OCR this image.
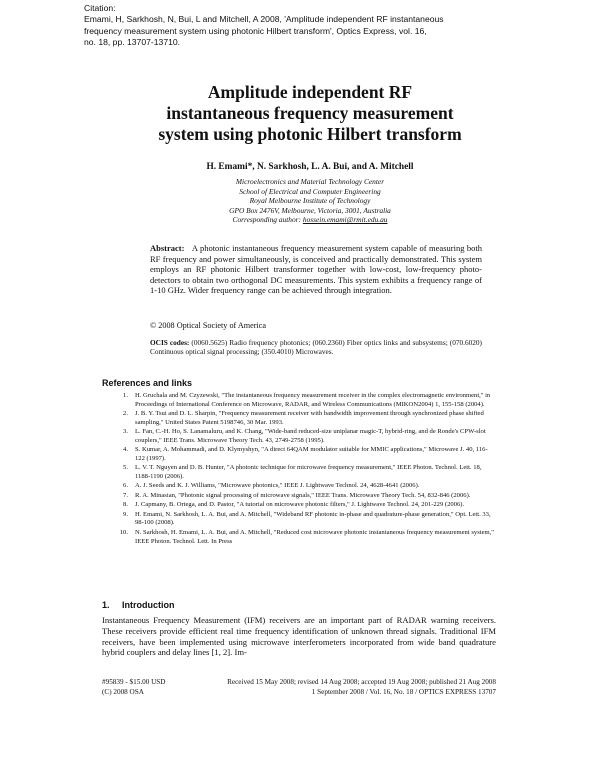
Citation:
Emami, H, Sarkhosh, N, Bui, L and Mitchell, A 2008, 'Amplitude independent RF instantaneous
frequency measurement system using photonic Hilbert transform', Optics Express, vol. 16,
no. 18, pp. 13707-13710.
Amplitude independent RF
instantaneous frequency measurement
system using photonic Hilbert transform
H. Emami*, N. Sarkhosh, L. A. Bui, and A. Mitchell
Microelectronics and Material Technology Center
School of Electrical and Computer Engineering
Royal Melbourne Institute of Technology
GPO Box 2476V, Melbourne, Victoria, 3001, Australia
Corresponding author: hossein.emami@rmit.edu.au
Abstract: A photonic instantaneous frequency measurement system capable of measuring both RF frequency and power simultaneously, is conceived and practically demonstrated. This system employs an RF photonic Hilbert transformer together with low-cost, low-frequency photo-detectors to obtain two orthogonal DC measurements. This system exhibits a frequency range of 1-10 GHz. Wider frequency range can be achieved through integration.
© 2008 Optical Society of America
OCIS codes: (0060.5625) Radio frequency photonics; (060.2360) Fiber optics links and subsystems; (070.6020) Continuous optical signal processing; (350.4010) Microwaves.
References and links
1. H. Gruchala and M. Czyzewski, "The instantaneous frequency measurement receiver in the complex electromagnetic environment," in Proceedings of International Conference on Microwave, RADAR, and Wireless Communications (MIKON2004) 1, 155-158 (2004).
2. J. B. Y. Tsui and D. L. Sharpin, "Frequency measurement receiver with bandwidth improvement through synchronized phase shifted sampling," United States Patent 5198746, 30 Mar. 1993.
3. L. Fan, C.-H. Ho, S. Lanamaluru, and K. Chang, "Wide-band reduced-size uniplanar magic-T, hybrid-ring, and de Ronde's CPW-slot couplers," IEEE Trans. Microwave Theory Tech. 43, 2749-2758 (1995).
4. S. Kumar, A. Mohammadi, and D. Klymyshyn, "A direct 64QAM modulator suitable for MMIC applications," Microwave J. 40, 116-122 (1997).
5. L. V. T. Nguyen and D. B. Hunter, "A photonic technique for microwave frequency measurement," IEEE Photon. Technol. Lett. 18, 1188-1190 (2006).
6. A. J. Seeds and K. J. Williams, "Microwave photonics," IEEE J. Lightwave Technol. 24, 4628-4641 (2006).
7. R. A. Minasian, "Photonic signal processing of microwave signals," IEEE Trans. Microwave Theory Tech. 54, 832-846 (2006).
8. J. Capmany, B. Ortega, and D. Pastor, "A tutorial on microwave photonic filters," J. Lightwave Technol. 24, 201-229 (2006).
9. H. Emami, N. Sarkhosh, L. A. Bui, and A. Mitchell, "Wideband RF photonic in-phase and quadrature-phase generation," Opt. Lett. 33, 98-100 (2008).
10. N. Sarkhosh, H. Emami, L. A. Bui, and A. Mitchell, "Reduced cost microwave photonic instantaneous frequency measurement system," IEEE Photon. Technol. Lett. In Press
1. Introduction
Instantaneous Frequency Measurement (IFM) receivers are an important part of RADAR warning receivers. These receivers provide efficient real time frequency identification of unknown thread signals. Traditional IFM receivers, have been implemented using microwave interferometers incorporated from wide band quadrature hybrid couplers and delay lines [1, 2]. Im-
#95839 - $15.00 USD	Received 15 May 2008; revised 14 Aug 2008; accepted 19 Aug 2008; published 21 Aug 2008
(C) 2008 OSA	1 September 2008 / Vol. 16, No. 18 / OPTICS EXPRESS 13707
